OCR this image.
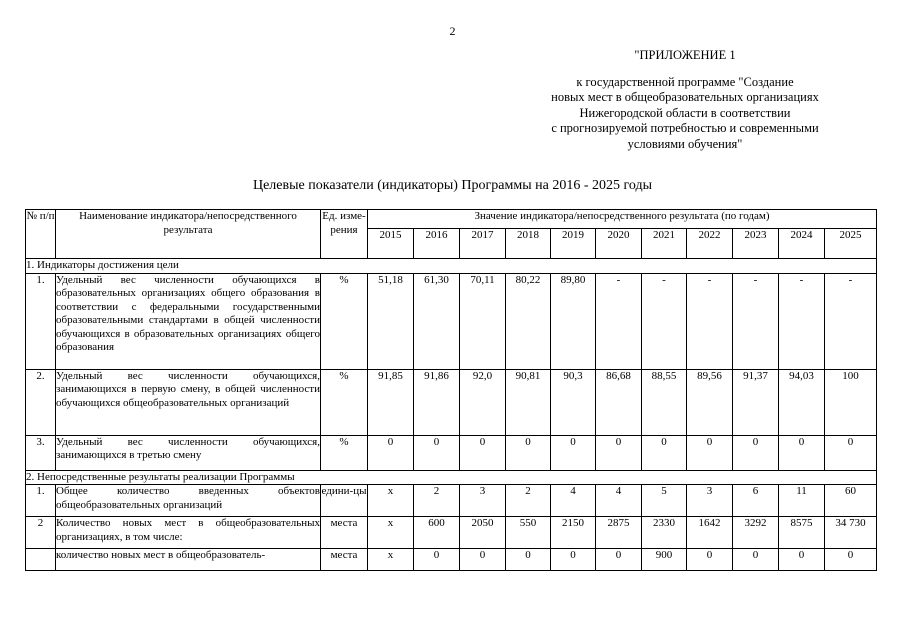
2
"ПРИЛОЖЕНИЕ 1
к государственной программе "Создание
новых мест в общеобразовательных организациях
Нижегородской области в соответствии
с прогнозируемой потребностью и современными
условиями обучения"
Целевые показатели (индикаторы) Программы на 2016 - 2025 годы
№ п/п	Наименование индикатора/непосредственного результата	Ед. изме-рения	Значение индикатора/непосредственного результата (по годам)										
			2015	2016	2017	2018	2019	2020	2021	2022	2023	2024	2025
1. Индикаторы достижения цели													
1.	Удельный вес численности обучающихся в образовательных организациях общего образования в соответствии с федеральными государственными образовательными стандартами в общей численности обучающихся в образовательных организациях общего образования	%	51,18	61,30	70,11	80,22	89,80	-	-	-	-	-	-
2.	Удельный вес численности обучающихся, занимающихся в первую смену, в общей численности обучающихся общеобразовательных организаций	%	91,85	91,86	92,0	90,81	90,3	86,68	88,55	89,56	91,37	94,03	100
3.	Удельный вес численности обучающихся, занимающихся в третью смену	%	0	0	0	0	0	0	0	0	0	0	0
2. Непосредственные результаты реализации Программы													
1.	Общее количество введенных объектов общеобразовательных организаций	едини-цы	х	2	3	2	4	4	5	3	6	11	60
2	Количество новых мест в общеобразовательных организациях, в том числе:	места	х	600	2050	550	2150	2875	2330	1642	3292	8575	34 730
	количество новых мест в общеобразователь-	места	х	0	0	0	0	0	900	0	0	0	0
